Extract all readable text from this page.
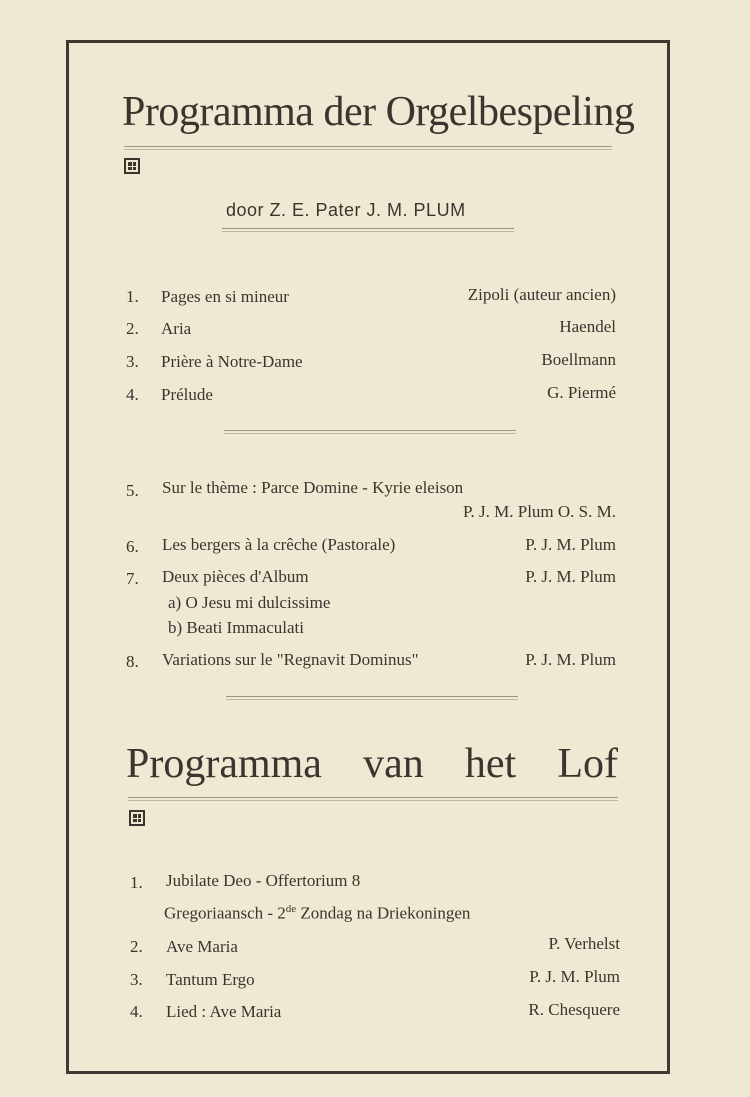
Programma der Orgelbespeling
door Z. E. Pater J. M. PLUM
1. Pages en si mineur	Zipoli (auteur ancien)
2. Aria	Haendel
3. Prière à Notre-Dame	Boellmann
4. Prélude	G. Piermé
5. Sur le thème : Parce Domine - Kyrie eleison
P. J. M. Plum O. S. M.
6. Les bergers à la crêche (Pastorale)	P. J. M. Plum
7. Deux pièces d'Album	P. J. M. Plum
a) O Jesu mi dulcissime
b) Beati Immaculati
8. Variations sur le "Regnavit Dominus"	P. J. M. Plum
Programma van het Lof
1. Jubilate Deo - Offertorium 8
Gregoriaansch - 2de Zondag na Driekoningen
2. Ave Maria	P. Verhelst
3. Tantum Ergo	P. J. M. Plum
4. Lied : Ave Maria	R. Chesquere
